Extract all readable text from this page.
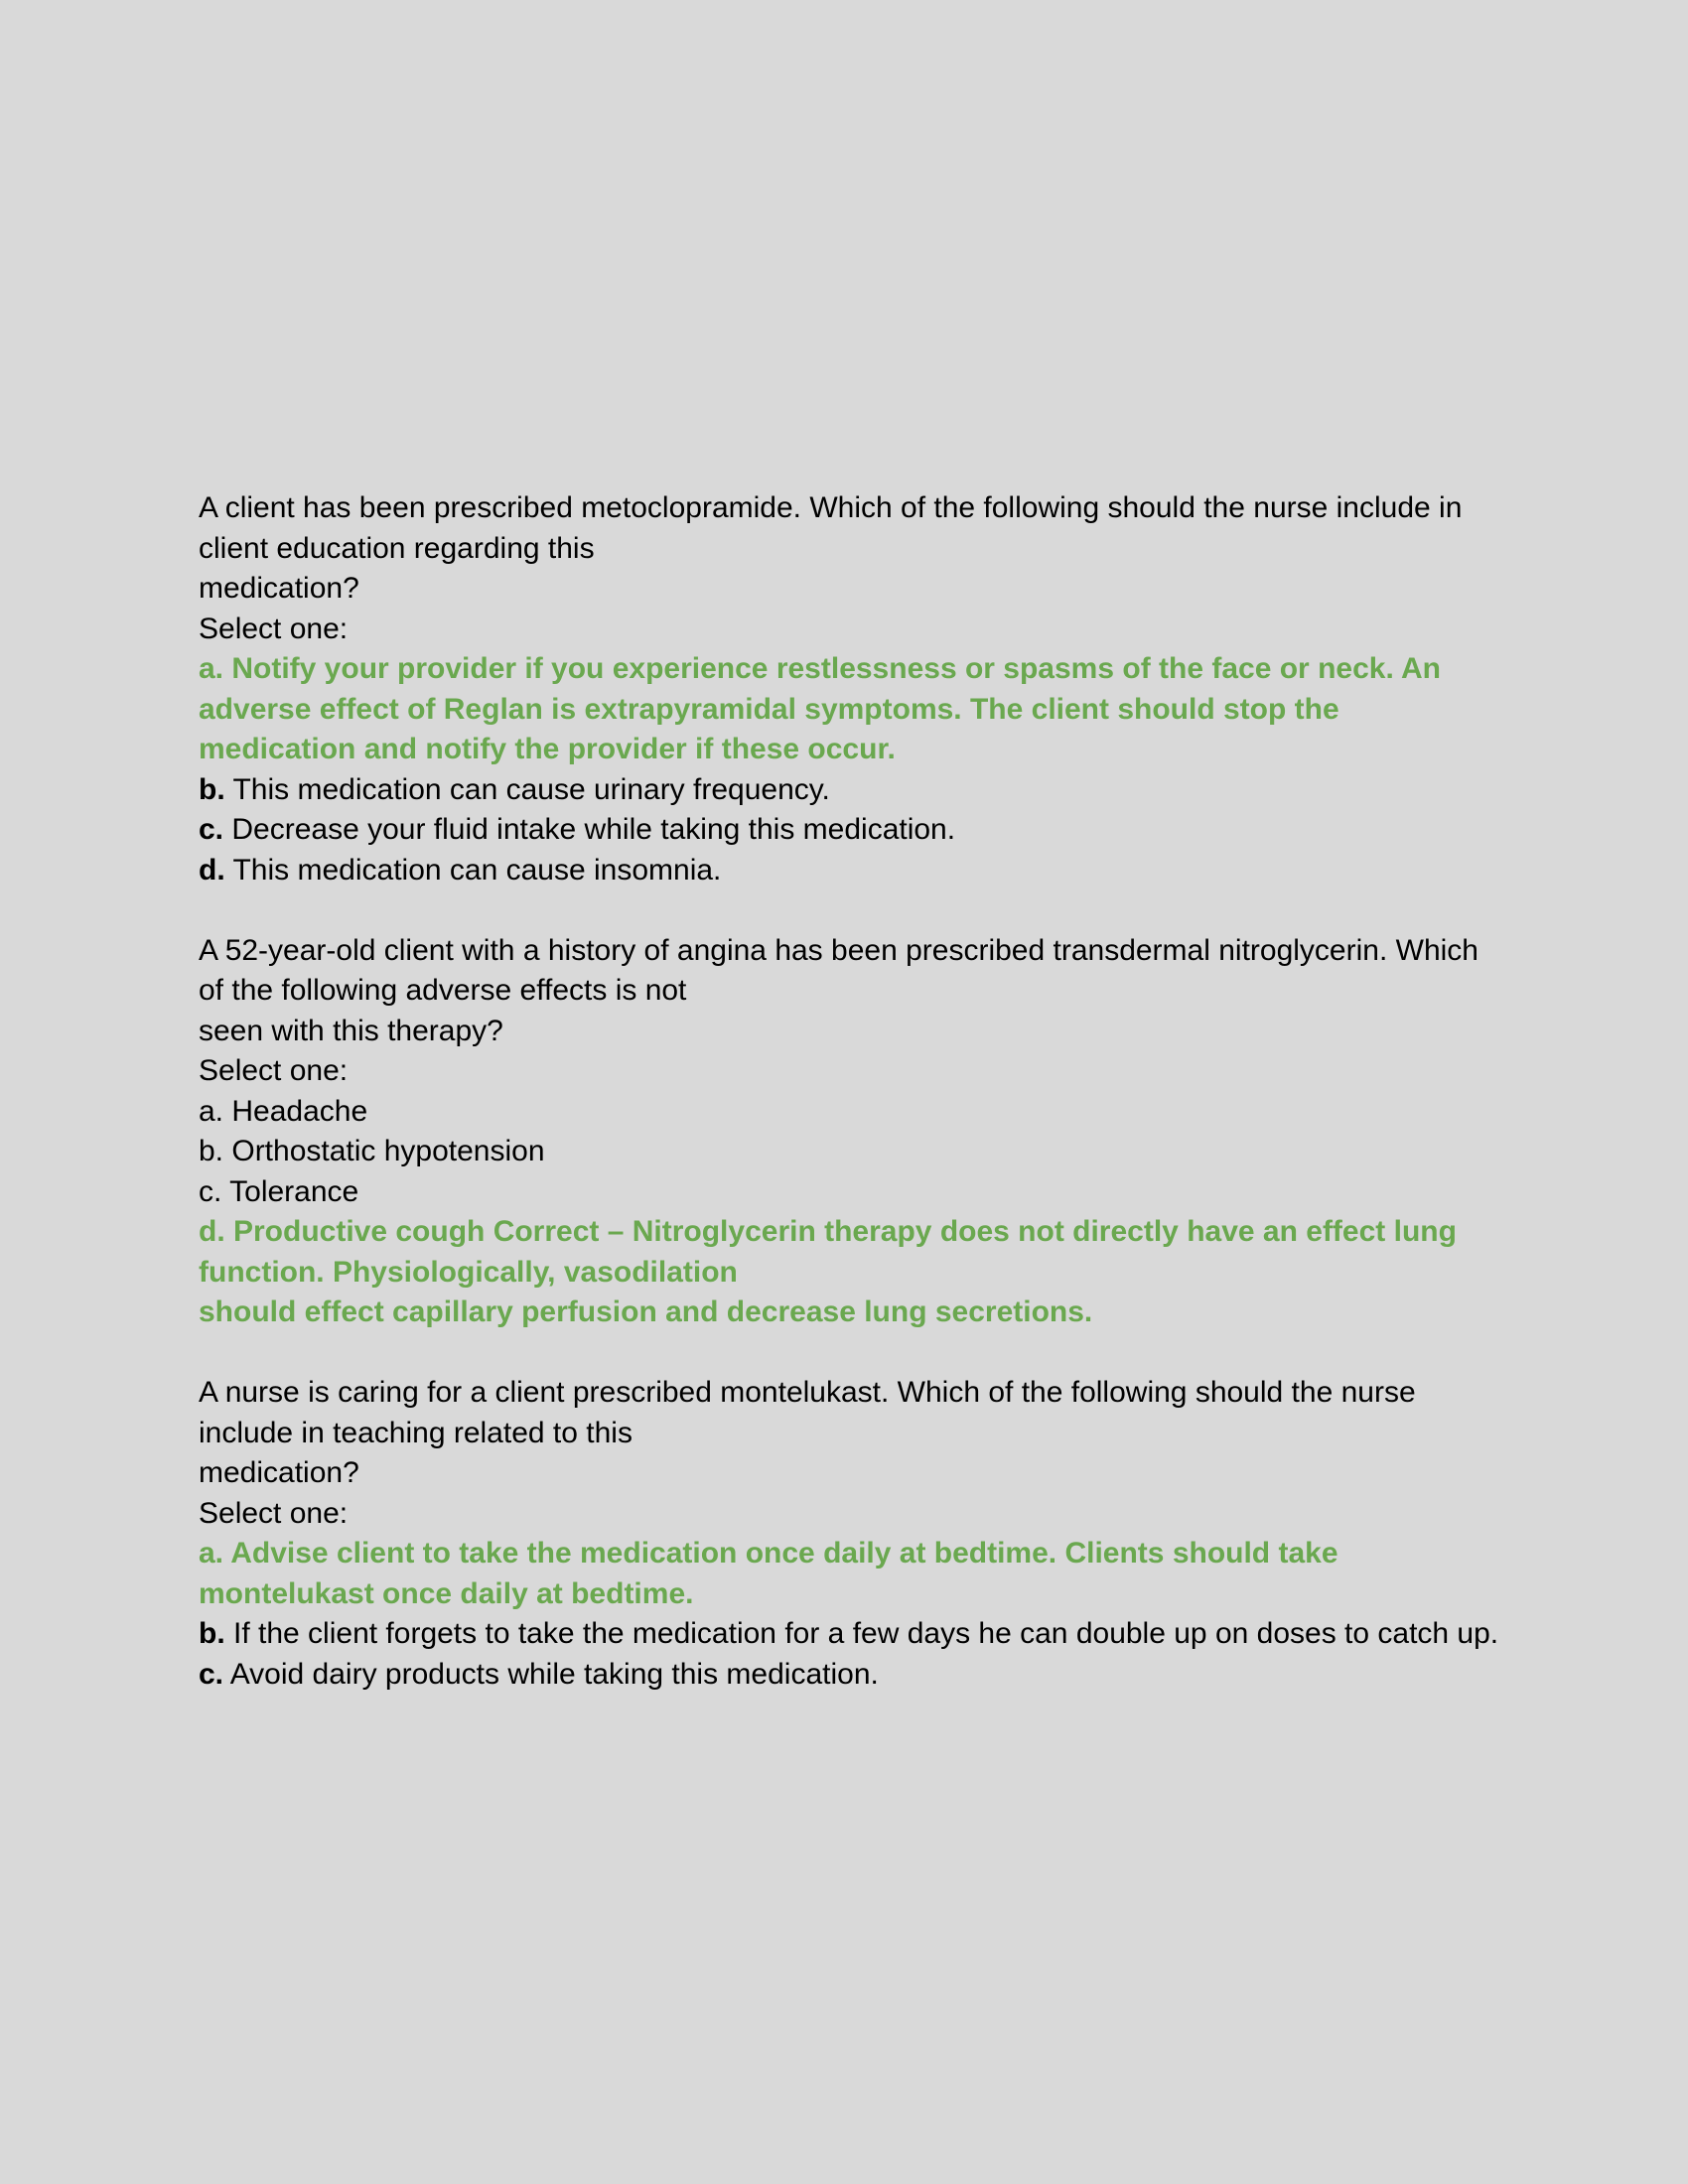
A client has been prescribed metoclopramide. Which of the following should the nurse include in client education regarding this
medication?
Select one:
a. Notify your provider if you experience restlessness or spasms of the face or neck. An adverse effect of Reglan is extrapyramidal symptoms. The client should stop the medication and notify the provider if these occur.
b. This medication can cause urinary frequency.
c. Decrease your fluid intake while taking this medication.
d. This medication can cause insomnia.
A 52-year-old client with a history of angina has been prescribed transdermal nitroglycerin. Which of the following adverse effects is not
seen with this therapy?
Select one:
a. Headache
b. Orthostatic hypotension
c. Tolerance
d. Productive cough Correct – Nitroglycerin therapy does not directly have an effect lung function. Physiologically, vasodilation
should effect capillary perfusion and decrease lung secretions.
A nurse is caring for a client prescribed montelukast. Which of the following should the nurse include in teaching related to this
medication?
Select one:
a. Advise client to take the medication once daily at bedtime. Clients should take montelukast once daily at bedtime.
b. If the client forgets to take the medication for a few days he can double up on doses to catch up.
c. Avoid dairy products while taking this medication.
